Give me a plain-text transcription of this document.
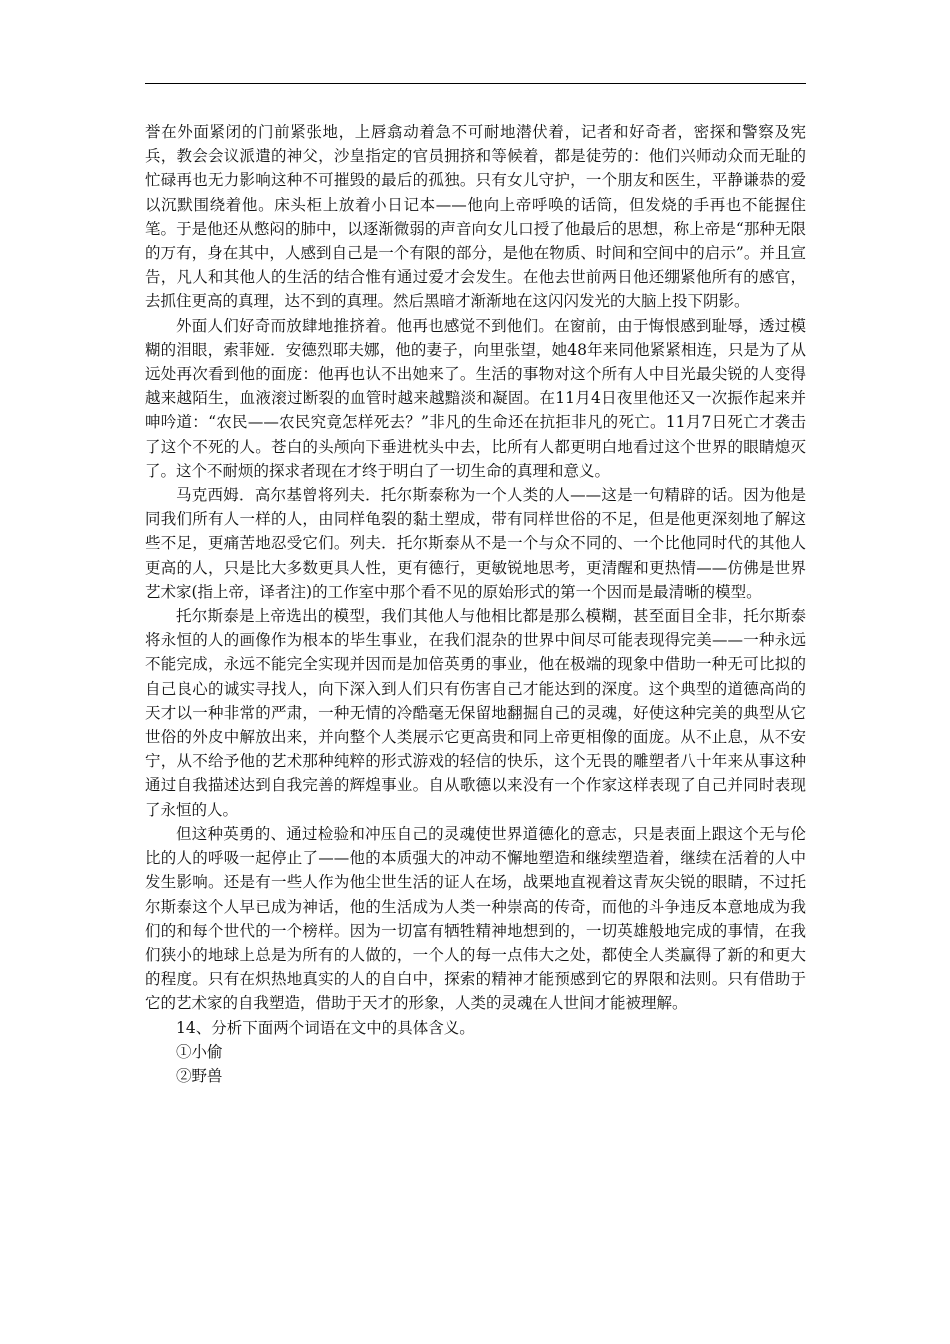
誉在外面紧闭的门前紧张地，上唇翕动着急不可耐地潜伏着，记者和好奇者，密探和警察及宪兵，教会会议派遣的神父，沙皇指定的官员拥挤和等候着，都是徒劳的：他们兴师动众而无耻的忙碌再也无力影响这种不可摧毁的最后的孤独。只有女儿守护，一个朋友和医生，平静谦恭的爱以沉默围绕着他。床头柜上放着小日记本——他向上帝呼唤的话筒，但发烧的手再也不能握住笔。于是他还从憋闷的肺中，以逐渐微弱的声音向女儿口授了他最后的思想，称上帝是“那种无限的万有，身在其中，人感到自己是一个有限的部分，是他在物质、时间和空间中的启示”。并且宣告，凡人和其他人的生活的结合惟有通过爱才会发生。在他去世前两日他还绷紧他所有的感官，去抓住更高的真理，达不到的真理。然后黑暗才渐渐地在这闪闪发光的大脑上投下阴影。

外面人们好奇而放肆地推挤着。他再也感觉不到他们。在窗前，由于悔恨感到耻辱，透过模糊的泪眼，索菲娅．安德烈耶夫娜，他的妻子，向里张望，她48年来同他紧紧相连，只是为了从远处再次看到他的面庞：他再也认不出她来了。生活的事物对这个所有人中目光最尖锐的人变得越来越陌生，血液滚过断裂的血管时越来越黯淡和凝固。在11月4日夜里他还又一次振作起来并呻吟道：“农民——农民究竟怎样死去？”非凡的生命还在抗拒非凡的死亡。11月7日死亡才袭击了这个不死的人。苍白的头颅向下垂进枕头中去，比所有人都更明白地看过这个世界的眼睛熄灭了。这个不耐烦的探求者现在才终于明白了一切生命的真理和意义。

马克西姆．高尔基曾将列夫．托尔斯泰称为一个人类的人——这是一句精辟的话。因为他是同我们所有人一样的人，由同样龟裂的黏土塑成，带有同样世俗的不足，但是他更深刻地了解这些不足，更痛苦地忍受它们。列夫．托尔斯泰从不是一个与众不同的、一个比他同时代的其他人更高的人，只是比大多数更具人性，更有德行，更敏锐地思考，更清醒和更热情——仿佛是世界艺术家(指上帝，译者注)的工作室中那个看不见的原始形式的第一个因而是最清晰的模型。

托尔斯泰是上帝选出的模型，我们其他人与他相比都是那么模糊，甚至面目全非，托尔斯泰将永恒的人的画像作为根本的毕生事业，在我们混杂的世界中间尽可能表现得完美——一种永远不能完成，永远不能完全实现并因而是加倍英勇的事业，他在极端的现象中借助一种无可比拟的自己良心的诚实寻找人，向下深入到人们只有伤害自己才能达到的深度。这个典型的道德高尚的天才以一种非常的严肃，一种无情的冷酷毫无保留地翻掘自己的灵魂，好使这种完美的典型从它世俗的外皮中解放出来，并向整个人类展示它更高贵和同上帝更相像的面庞。从不止息，从不安宁，从不给予他的艺术那种纯粹的形式游戏的轻信的快乐，这个无畏的雕塑者八十年来从事这种通过自我描述达到自我完善的辉煌事业。自从歌德以来没有一个作家这样表现了自己并同时表现了永恒的人。

但这种英勇的、通过检验和冲压自己的灵魂使世界道德化的意志，只是表面上跟这个无与伦比的人的呼吸一起停止了——他的本质强大的冲动不懈地塑造和继续塑造着，继续在活着的人中发生影响。还是有一些人作为他尘世生活的证人在场，战栗地直视着这青灰尖锐的眼睛，不过托尔斯泰这个人早已成为神话，他的生活成为人类一种崇高的传奇，而他的斗争违反本意地成为我们的和每个世代的一个榜样。因为一切富有牺牲精神地想到的，一切英雄般地完成的事情，在我们狭小的地球上总是为所有的人做的，一个人的每一点伟大之处，都使全人类赢得了新的和更大的程度。只有在炽热地真实的人的自白中，探索的精神才能预感到它的界限和法则。只有借助于它的艺术家的自我塑造，借助于天才的形象，人类的灵魂在人世间才能被理解。

14、分析下面两个词语在文中的具体含义。

①小偷

②野兽
